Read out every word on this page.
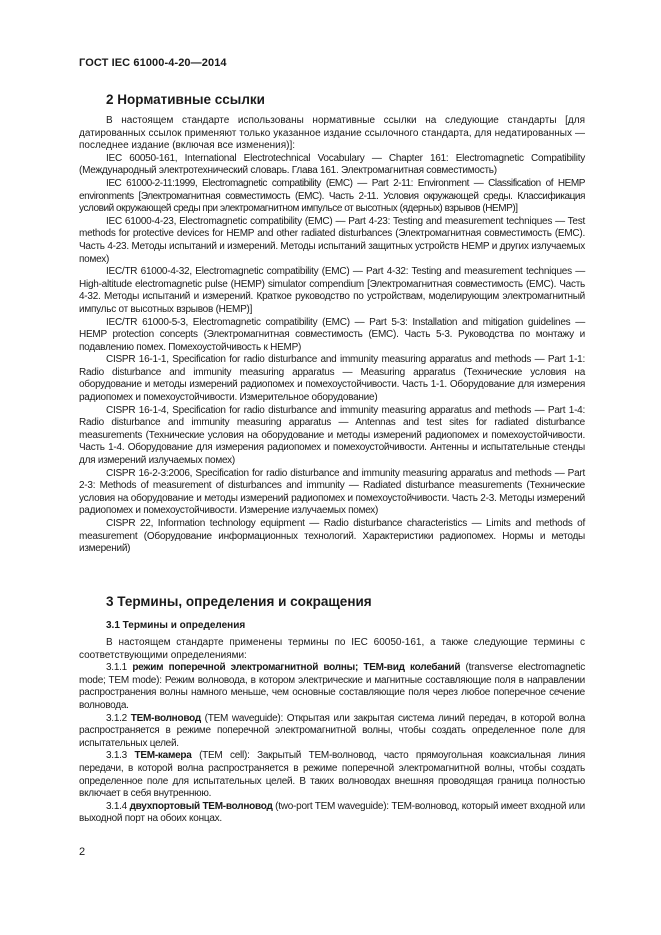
ГОСТ IEC 61000-4-20—2014
2 Нормативные ссылки

В настоящем стандарте использованы нормативные ссылки на следующие стандарты [для датированных ссылок применяют только указанное издание ссылочного стандарта, для недатированных — последнее издание (включая все изменения)]:

IEC 60050-161, International Electrotechnical Vocabulary — Chapter 161: Electromagnetic Compatibility (Международный электротехнический словарь. Глава 161. Электромагнитная совместимость)

IEC 61000-2-11:1999, Electromagnetic compatibility (EMC) — Part 2-11: Environment — Classification of HEMP environments [Электромагнитная совместимость (ЕМС). Часть 2-11. Условия окружающей среды. Классификация условий окружающей среды при электромагнитном импульсе от высотных (ядерных) взрывов (HEMP)]

IEC 61000-4-23, Electromagnetic compatibility (EMC) — Part 4-23: Testing and measurement techniques — Test methods for protective devices for HEMP and other radiated disturbances (Электромагнитная совместимость (ЕМС). Часть 4-23. Методы испытаний и измерений. Методы испытаний защитных устройств HEMP и других излучаемых помех)

IEC/TR 61000-4-32, Electromagnetic compatibility (EMC) — Part 4-32: Testing and measurement techniques — High-altitude electromagnetic pulse (HEMP) simulator compendium [Электромагнитная совместимость (ЕМС). Часть 4-32. Методы испытаний и измерений. Краткое руководство по устройствам, моделирующим электромагнитный импульс от высотных взрывов (HEMP)]

IEC/TR 61000-5-3, Electromagnetic compatibility (EMC) — Part 5-3: Installation and mitigation guidelines — HEMP protection concepts (Электромагнитная совместимость (ЕМС). Часть 5-3. Руководства по монтажу и подавлению помех. Помехоустойчивость к HEMP)

CISPR 16-1-1, Specification for radio disturbance and immunity measuring apparatus and methods — Part 1-1: Radio disturbance and immunity measuring apparatus — Measuring apparatus (Технические условия на оборудование и методы измерений радиопомех и помехоустойчивости. Часть 1-1. Оборудование для измерения радиопомех и помехоустойчивости. Измерительное оборудование)

CISPR 16-1-4, Specification for radio disturbance and immunity measuring apparatus and methods — Part 1-4: Radio disturbance and immunity measuring apparatus — Antennas and test sites for radiated disturbance measurements (Технические условия на оборудование и методы измерений радиопомех и помехоустойчивости. Часть 1-4. Оборудование для измерения радиопомех и помехоустойчивости. Антенны и испытательные стенды для измерений излучаемых помех)

CISPR 16-2-3:2006, Specification for radio disturbance and immunity measuring apparatus and methods — Part 2-3: Methods of measurement of disturbances and immunity — Radiated disturbance measurements (Технические условия на оборудование и методы измерений радиопомех и помехоустойчивости. Часть 2-3. Методы измерений радиопомех и помехоустойчивости. Измерение излучаемых помех)

CISPR 22, Information technology equipment — Radio disturbance characteristics — Limits and methods of measurement (Оборудование информационных технологий. Характеристики радиопомех. Нормы и методы измерений)

3 Термины, определения и сокращения
3.1 Термины и определения

В настоящем стандарте применены термины по IEC 60050-161, а также следующие термины с соответствующими определениями:

3.1.1 режим поперечной электромагнитной волны; ТЕМ-вид колебаний (transverse electromagnetic mode; TEM mode): Режим волновода, в котором электрические и магнитные составляющие поля в направлении распространения волны намного меньше, чем основные составляющие поля через любое поперечное сечение волновода.

3.1.2 ТЕМ-волновод (TEM waveguide): Открытая или закрытая система линий передач, в которой волна распространяется в режиме поперечной электромагнитной волны, чтобы создать определенное поле для испытательных целей.

3.1.3 ТЕМ-камера (TEM cell): Закрытый ТЕМ-волновод, часто прямоугольная коаксиальная линия передачи, в которой волна распространяется в режиме поперечной электромагнитной волны, чтобы создать определенное поле для испытательных целей. В таких волноводах внешняя проводящая граница полностью включает в себя внутреннюю.

3.1.4 двухпортовый ТЕМ-волновод (two-port TEM waveguide): ТЕМ-волновод, который имеет входной или выходной порт на обоих концах.

2
